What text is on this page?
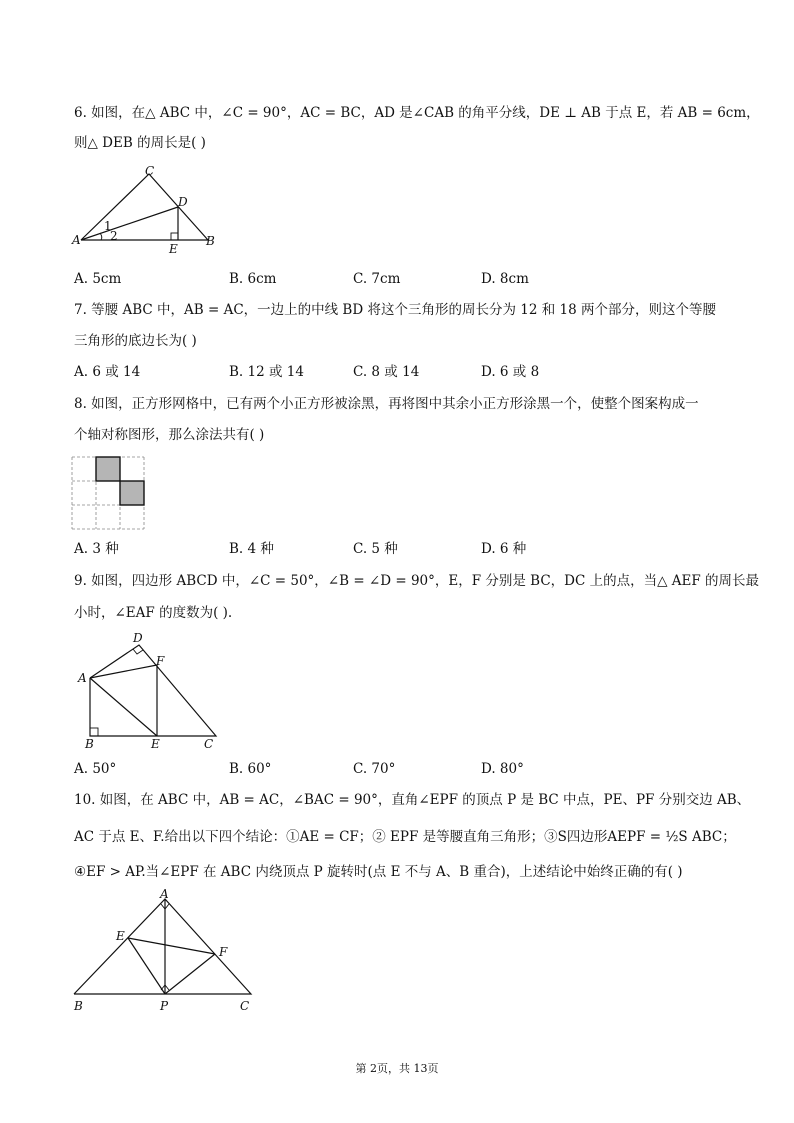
6. 如图，在△ ABC 中，∠C = 90°，AC = BC，AD 是∠CAB 的角平分线，DE ⊥ AB 于点 E，若 AB = 6cm，
则△ DEB 的周长是( )
C
D
A
E
B
1
2
A. 5cm	B. 6cm	C. 7cm	D. 8cm
7. 等腰 ABC 中，AB = AC，一边上的中线 BD 将这个三角形的周长分为 12 和 18 两个部分，则这个等腰
三角形的底边长为( )
A. 6 或 14	B. 12 或 14	C. 8 或 14	D. 6 或 8
8. 如图，正方形网格中，已有两个小正方形被涂黑，再将图中其余小正方形涂黑一个，使整个图案构成一
个轴对称图形，那么涂法共有( )
A. 3 种	B. 4 种	C. 5 种	D. 6 种
9. 如图，四边形 ABCD 中，∠C = 50°，∠B = ∠D = 90°，E，F 分别是 BC，DC 上的点，当△ AEF 的周长最
小时，∠EAF 的度数为( ).
D
F
A
B	E	C
A. 50°	B. 60°	C. 70°	D. 80°
10. 如图，在 ABC 中，AB = AC，∠BAC = 90°，直角∠EPF 的顶点 P 是 BC 中点，PE、PF 分别交边 AB、
AC 于点 E、F.给出以下四个结论：①AE = CF；② EPF 是等腰直角三角形；③S四边形AEPF = ½S ABC；
④EF > AP.当∠EPF 在 ABC 内绕顶点 P 旋转时(点 E 不与 A、B 重合)，上述结论中始终正确的有( )
A
E
F
B	P	C
第 2页，共 13页
